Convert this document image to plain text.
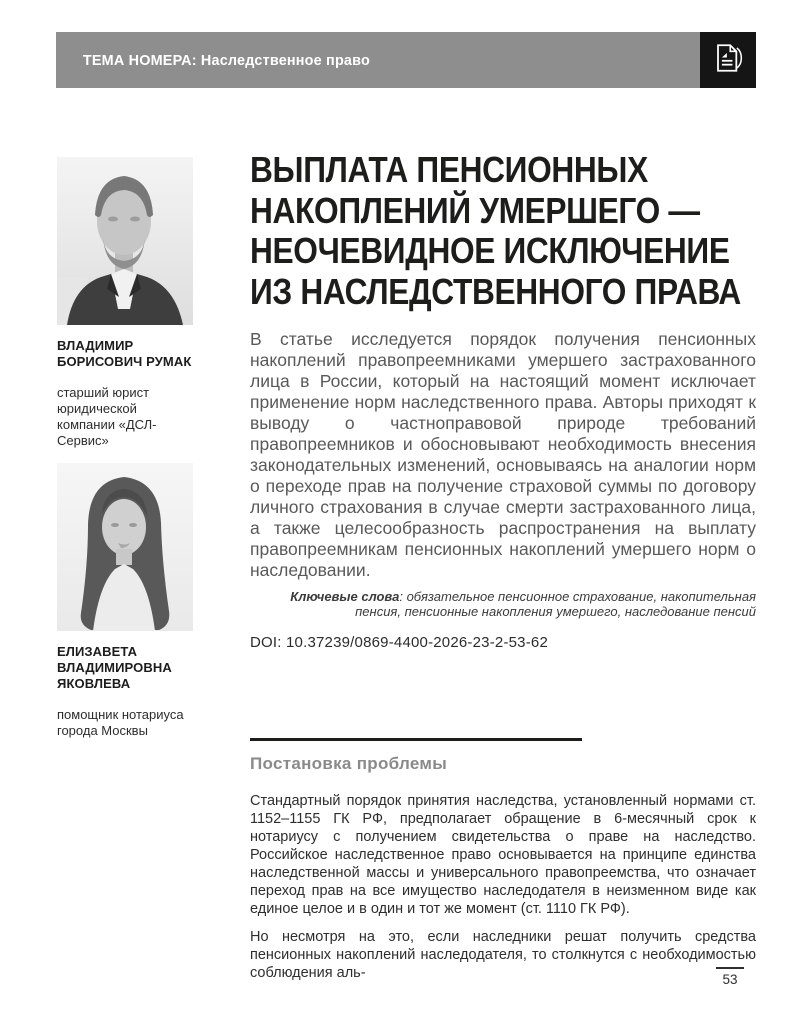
ТЕМА НОМЕРА: Наследственное право
ВЛАДИМИР БОРИСОВИЧ РУМАК
старший юрист юридической компании «ДСЛ-Сервис»
ЕЛИЗАВЕТА ВЛАДИМИРОВНА ЯКОВЛЕВА
помощник нотариуса города Москвы
ВЫПЛАТА ПЕНСИОННЫХ
НАКОПЛЕНИЙ УМЕРШЕГО —
НЕОЧЕВИДНОЕ ИСКЛЮЧЕНИЕ
ИЗ НАСЛЕДСТВЕННОГО ПРАВА
В статье исследуется порядок получения пенсионных накоплений правопреемниками умершего застрахованного лица в России, который на настоящий момент исключает применение норм наследственного права. Авторы приходят к выводу о частноправовой природе требований правопреемников и обосновывают необходимость внесения законодательных изменений, основываясь на аналогии норм о переходе прав на получение страховой суммы по договору личного страхования в случае смерти застрахованного лица, а также целесообразность распространения на выплату правопреемникам пенсионных накоплений умершего норм о наследовании.
Ключевые слова: обязательное пенсионное страхование, накопительная пенсия, пенсионные накопления умершего, наследование пенсий
DOI: 10.37239/0869-4400-2026-23-2-53-62
Постановка проблемы
Стандартный порядок принятия наследства, установленный нормами ст. 1152–1155 ГК РФ, предполагает обращение в 6-месячный срок к нотариусу с получением свидетельства о праве на наследство. Российское наследственное право основывается на принципе единства наследственной массы и универсального правопреемства, что означает переход прав на все имущество наследодателя в неизменном виде как единое целое и в один и тот же момент (ст. 1110 ГК РФ).
Но несмотря на это, если наследники решат получить средства пенсионных накоплений наследодателя, то столкнутся с необходимостью соблюдения аль-	53
